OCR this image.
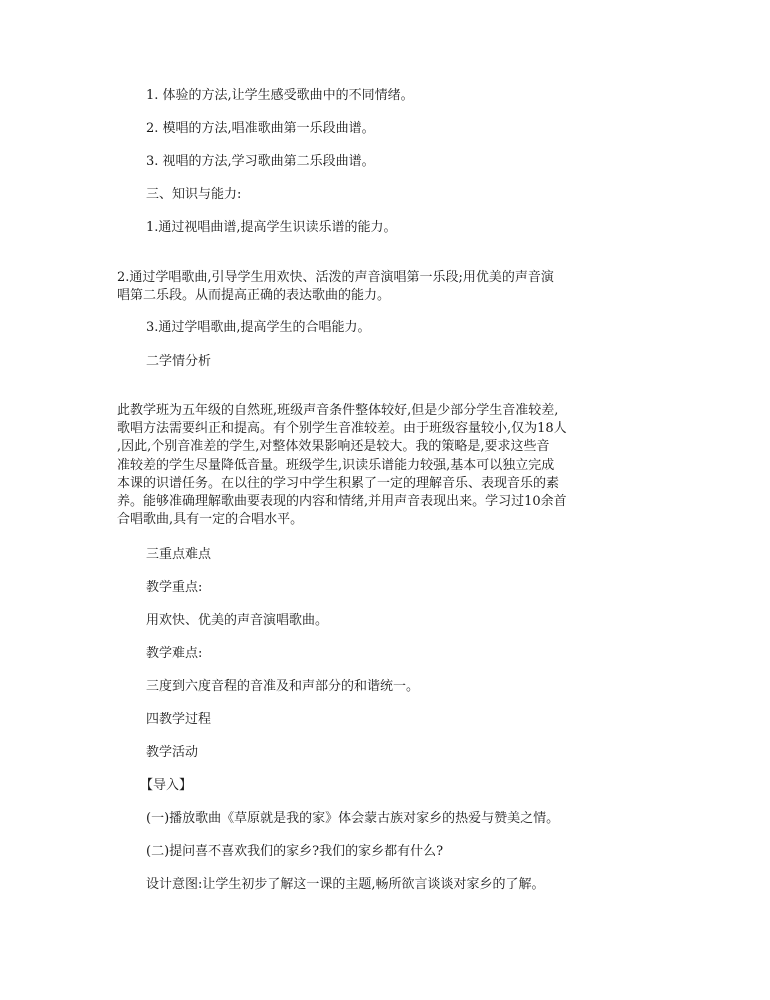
1. 体验的方法,让学生感受歌曲中的不同情绪。
2. 模唱的方法,唱准歌曲第一乐段曲谱。
3. 视唱的方法,学习歌曲第二乐段曲谱。
三、知识与能力:
1.通过视唱曲谱,提高学生识读乐谱的能力。
2.通过学唱歌曲,引导学生用欢快、活泼的声音演唱第一乐段;用优美的声音演
唱第二乐段。从而提高正确的表达歌曲的能力。
3.通过学唱歌曲,提高学生的合唱能力。
二学情分析
此教学班为五年级的自然班,班级声音条件整体较好,但是少部分学生音准较差,
歌唱方法需要纠正和提高。有个别学生音准较差。由于班级容量较小,仅为18人
,因此,个别音准差的学生,对整体效果影响还是较大。我的策略是,要求这些音
准较差的学生尽量降低音量。班级学生,识读乐谱能力较强,基本可以独立完成
本课的识谱任务。在以往的学习中学生积累了一定的理解音乐、表现音乐的素
养。能够准确理解歌曲要表现的内容和情绪,并用声音表现出来。学习过10余首
合唱歌曲,具有一定的合唱水平。
三重点难点
教学重点:
用欢快、优美的声音演唱歌曲。
教学难点:
三度到六度音程的音准及和声部分的和谐统一。
四教学过程
教学活动
【导入】
(一)播放歌曲《草原就是我的家》体会蒙古族对家乡的热爱与赞美之情。
(二)提问喜不喜欢我们的家乡?我们的家乡都有什么?
设计意图:让学生初步了解这一课的主题,畅所欲言谈谈对家乡的了解。
